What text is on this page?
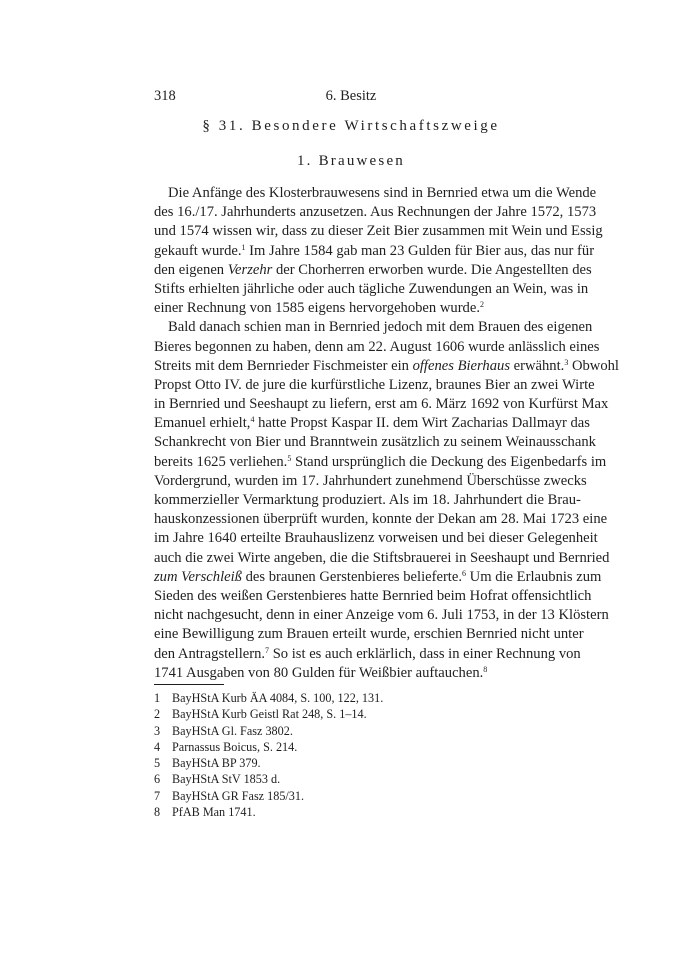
318	6. Besitz
§ 31. Besondere Wirtschaftszweige
1. Brauwesen
Die Anfänge des Klosterbrauwesens sind in Bernried etwa um die Wende
des 16./17. Jahrhunderts anzusetzen. Aus Rechnungen der Jahre 1572, 1573
und 1574 wissen wir, dass zu dieser Zeit Bier zusammen mit Wein und Essig
gekauft wurde.$^1$ Im Jahre 1584 gab man 23 Gulden für Bier aus, das nur für
den eigenen Verzehr der Chorherren erworben wurde. Die Angestellten des
Stifts erhielten jährliche oder auch tägliche Zuwendungen an Wein, was in
einer Rechnung von 1585 eigens hervorgehoben wurde.$^2$
Bald danach schien man in Bernried jedoch mit dem Brauen des eigenen
Bieres begonnen zu haben, denn am 22. August 1606 wurde anlässlich eines
Streits mit dem Bernrieder Fischmeister ein offenes Bierhaus erwähnt.$^3$ Obwohl
Propst Otto IV. de jure die kurfürstliche Lizenz, braunes Bier an zwei Wirte
in Bernried und Seeshaupt zu liefern, erst am 6. März 1692 von Kurfürst Max
Emanuel erhielt,$^4$ hatte Propst Kaspar II. dem Wirt Zacharias Dallmayr das
Schankrecht von Bier und Branntwein zusätzlich zu seinem Weinausschank
bereits 1625 verliehen.$^5$ Stand ursprünglich die Deckung des Eigenbedarfs im
Vordergrund, wurden im 17. Jahrhundert zunehmend Überschüsse zwecks
kommerzieller Vermarktung produziert. Als im 18. Jahrhundert die Brau-
hauskonzessionen überprüft wurden, konnte der Dekan am 28. Mai 1723 eine
im Jahre 1640 erteilte Brauhauslizenz vorweisen und bei dieser Gelegenheit
auch die zwei Wirte angeben, die die Stiftsbrauerei in Seeshaupt und Bernried
zum Verschleiß des braunen Gerstenbieres belieferte.$^6$ Um die Erlaubnis zum
Sieden des weißen Gerstenbieres hatte Bernried beim Hofrat offensichtlich
nicht nachgesucht, denn in einer Anzeige vom 6. Juli 1753, in der 13 Klöstern
eine Bewilligung zum Brauen erteilt wurde, erschien Bernried nicht unter
den Antragstellern.$^7$ So ist es auch erklärlich, dass in einer Rechnung von
1741 Ausgaben von 80 Gulden für Weißbier auftauchen.$^8$
1 BayHStA Kurb ÄA 4084, S. 100, 122, 131.
2 BayHStA Kurb Geistl Rat 248, S. 1–14.
3 BayHStA Gl. Fasz 3802.
4 Parnassus Boicus, S. 214.
5 BayHStA BP 379.
6 BayHStA StV 1853 d.
7 BayHStA GR Fasz 185/31.
8 PfAB Man 1741.
